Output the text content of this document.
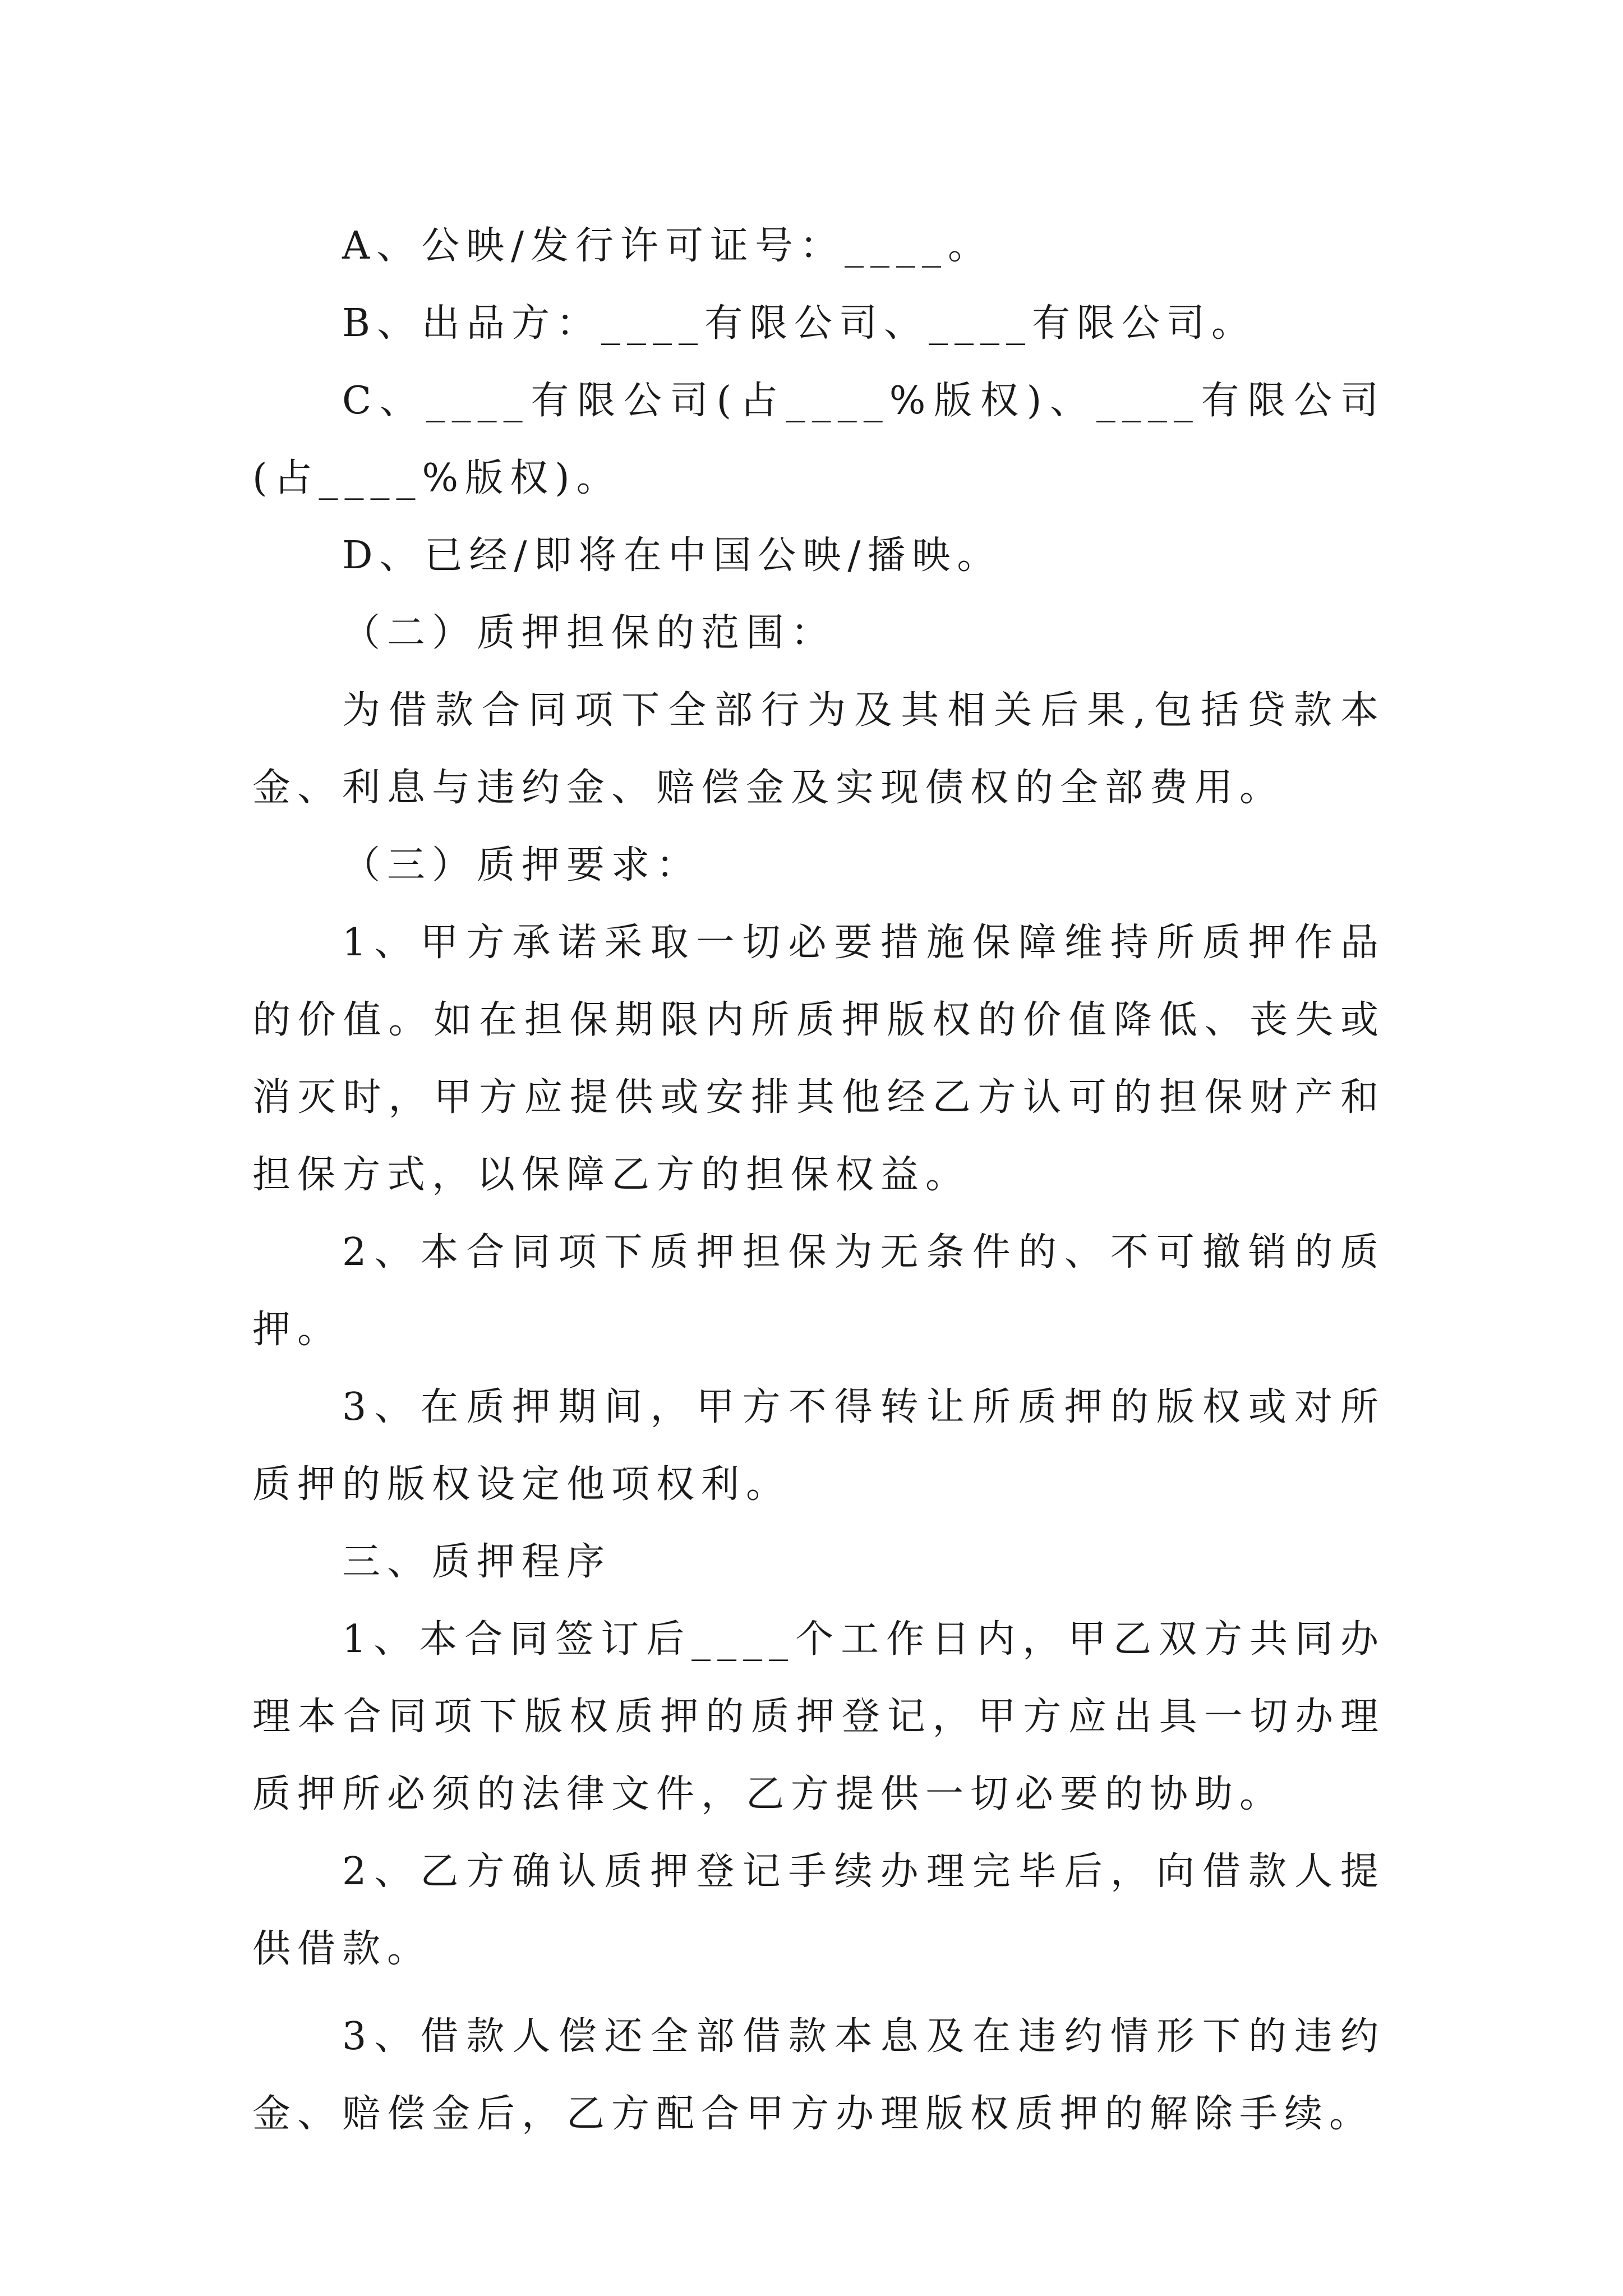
A、公映/发行许可证号：____。

B、出品方：____有限公司、____有限公司。

C、____有限公司(占____%版权)、____有限公司(占____%版权)。

D、已经/即将在中国公映/播映。

（二）质押担保的范围：

为借款合同项下全部行为及其相关后果,包括贷款本金、利息与违约金、赔偿金及实现债权的全部费用。

（三）质押要求：

1、甲方承诺采取一切必要措施保障维持所质押作品的价值。如在担保期限内所质押版权的价值降低、丧失或消灭时，甲方应提供或安排其他经乙方认可的担保财产和担保方式，以保障乙方的担保权益。

2、本合同项下质押担保为无条件的、不可撤销的质押。

3、在质押期间，甲方不得转让所质押的版权或对所质押的版权设定他项权利。

三、质押程序

1、本合同签订后____个工作日内，甲乙双方共同办理本合同项下版权质押的质押登记，甲方应出具一切办理质押所必须的法律文件，乙方提供一切必要的协助。

2、乙方确认质押登记手续办理完毕后，向借款人提供借款。

3、借款人偿还全部借款本息及在违约情形下的违约金、赔偿金后，乙方配合甲方办理版权质押的解除手续。
